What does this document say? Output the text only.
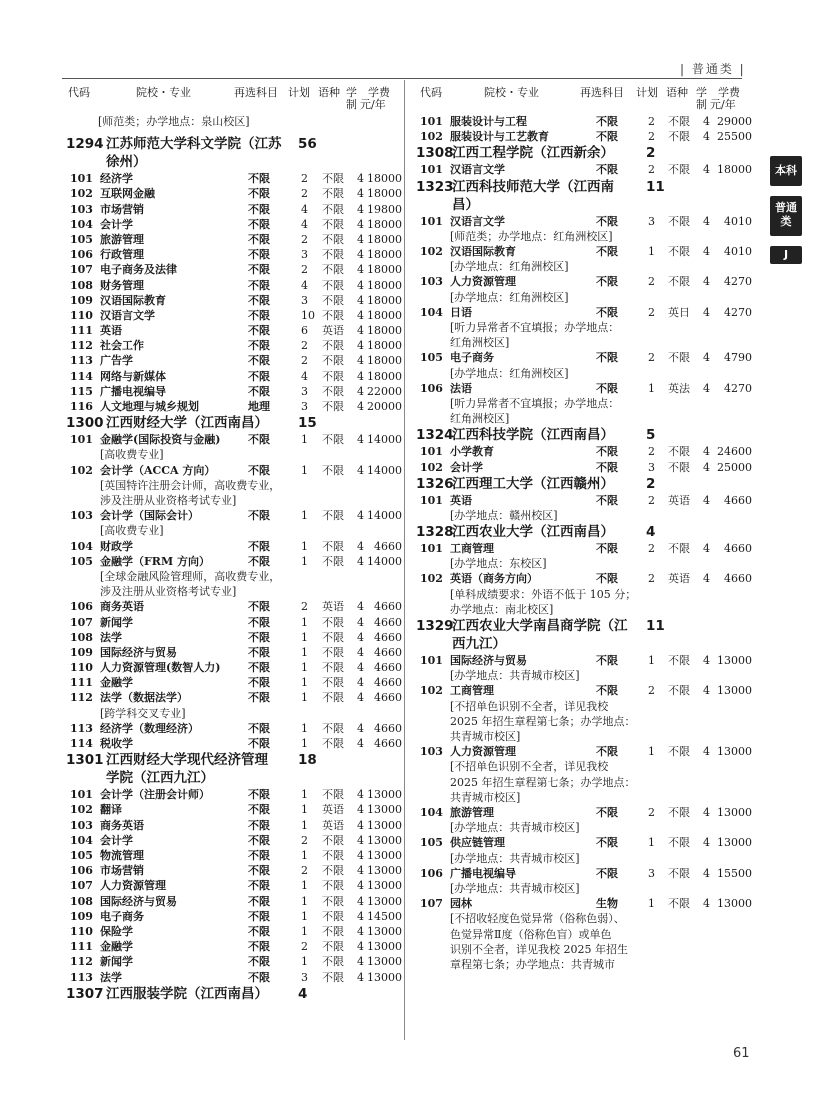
| 普通类 |
代码	院校・专业	再选科目 计划 语种 学
制
学费
元/年
代码	院校・专业	再选科目 计划 语种 学
制
学费
元/年
[师范类；办学地点：泉山校区]
1294 江苏师范大学科文学院（江苏 56
徐州）
101 经济学	不限	2 不限 4 18000
102 互联网金融	不限	2 不限 4 18000
103 市场营销	不限	4 不限 4 19800
104 会计学	不限	4 不限 4 18000
105 旅游管理	不限	2 不限 4 18000
106 行政管理	不限	3 不限 4 18000
107 电子商务及法律	不限	2 不限 4 18000
108 财务管理	不限	4 不限 4 18000
109 汉语国际教育	不限	3 不限 4 18000
110 汉语言文学	不限	10 不限 4 18000
111 英语	不限	6 英语 4 18000
112 社会工作	不限	2 不限 4 18000
113 广告学	不限	2 不限 4 18000
114 网络与新媒体	不限	4 不限 4 18000
115 广播电视编导	不限	3 不限 4 22000
116 人文地理与城乡规划	地理	3 不限 4 20000
1300 江西财经大学（江西南昌） 15
101 金融学(国际投资与金融)	不限	1 不限 4 14000
[高收费专业]
102 会计学（ACCA 方向）	不限	1 不限 4 14000
[英国特许注册会计师，高收费专业，
涉及注册从业资格考试专业]
103 会计学（国际会计）	不限	1 不限 4 14000
[高收费专业]
104 财政学	不限	1 不限 4 4660
105 金融学（FRM 方向）	不限	1 不限 4 14000
[全球金融风险管理师，高收费专业，
涉及注册从业资格考试专业]
106 商务英语	不限	2 英语 4 4660
107 新闻学	不限	1 不限 4 4660
108 法学	不限	1 不限 4 4660
109 国际经济与贸易	不限	1 不限 4 4660
110 人力资源管理(数智人力)	不限	1 不限 4 4660
111 金融学	不限	1 不限 4 4660
112 法学（数据法学）	不限	1 不限 4 4660
[跨学科交叉专业]
113 经济学（数理经济）	不限	1 不限 4 4660
114 税收学	不限	1 不限 4 4660
1301 江西财经大学现代经济管理 18
学院（江西九江）
101 会计学（注册会计师）	不限	1 不限 4 13000
102 翻译	不限	1 英语 4 13000
103 商务英语	不限	1 英语 4 13000
104 会计学	不限	2 不限 4 13000
105 物流管理	不限	1 不限 4 13000
106 市场营销	不限	2 不限 4 13000
107 人力资源管理	不限	1 不限 4 13000
108 国际经济与贸易	不限	1 不限 4 13000
109 电子商务	不限	1 不限 4 14500
110 保险学	不限	1 不限 4 13000
111 金融学	不限	2 不限 4 13000
112 新闻学	不限	1 不限 4 13000
113 法学	不限	3 不限 4 13000
1307 江西服装学院（江西南昌） 4
101 服装设计与工程	不限	2 不限 4 29000
102 服装设计与工艺教育	不限	2 不限 4 25500
1308
江西工程学院（江西新余） 2
101 汉语言文学	不限	2 不限 4 18000
1323
江西科技师范大学（江西南 11
昌）
101 汉语言文学	不限	3 不限 4	4010
[师范类；办学地点：红角洲校区]
102 汉语国际教育	不限	1 不限 4	4010
[办学地点：红角洲校区]
103 人力资源管理	不限	2 不限 4	4270
[办学地点：红角洲校区]
104 日语	不限	2 英日 4	4270
[听力异常者不宜填报；办学地点：
红角洲校区]
105 电子商务	不限	2 不限 4	4790
[办学地点：红角洲校区]
106 法语	不限	1 英法 4	4270
[听力异常者不宜填报；办学地点：
红角洲校区]
1324
江西科技学院（江西南昌） 5
101 小学教育	不限	2 不限 4 24600
102 会计学	不限	3 不限 4 25000
1326
江西理工大学（江西赣州） 2
101 英语	不限	2 英语 4	4660
[办学地点：赣州校区]
1328
江西农业大学（江西南昌） 4
101 工商管理	不限	2 不限 4	4660
[办学地点：东校区]
102 英语（商务方向）	不限	2 英语 4	4660
[单科成绩要求：外语不低于 105 分；
办学地点：南北校区]
1329
江西农业大学南昌商学院（江 11
西九江）
101 国际经济与贸易	不限	1 不限 4 13000
[办学地点：共青城市校区]
102 工商管理	不限	2 不限 4 13000
[不招单色识别不全者，详见我校
2025 年招生章程第七条；办学地点：
共青城市校区]
103 人力资源管理	不限	1 不限 4 13000
[不招单色识别不全者，详见我校
2025 年招生章程第七条；办学地点：
共青城市校区]
104 旅游管理	不限	2 不限 4 13000
[办学地点：共青城市校区]
105 供应链管理	不限	1 不限 4 13000
[办学地点：共青城市校区]
106 广播电视编导	不限	3 不限 4 15500
[办学地点：共青城市校区]
107 园林	生物	1 不限 4 13000
[不招收轻度色觉异常（俗称色弱）、
色觉异常Ⅱ度（俗称色盲）或单色
识别不全者，详见我校 2025 年招生
章程第七条；办学地点：共青城市
本科
普通类
J
61
